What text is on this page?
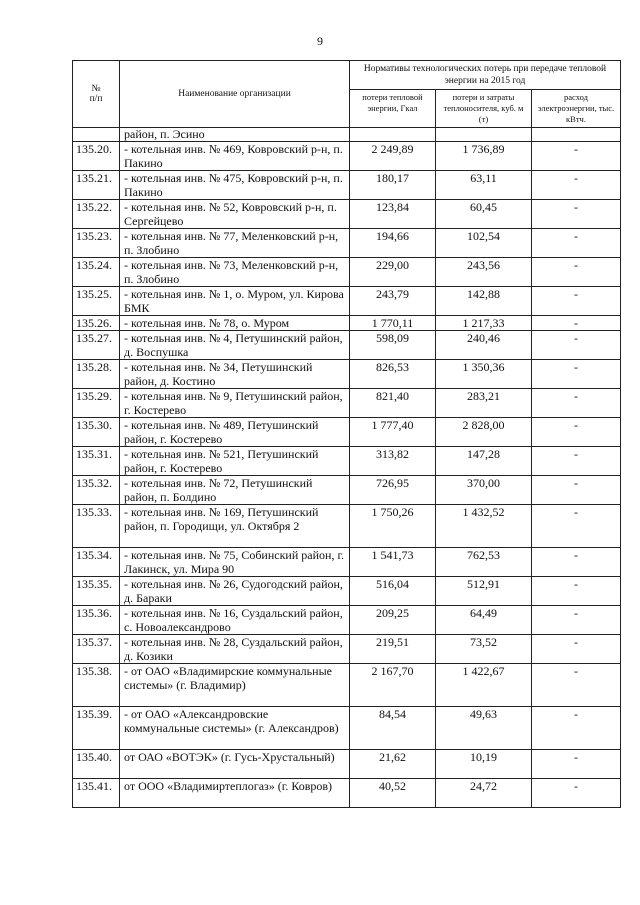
9
№
п/п	Наименование организации	Нормативы технологических потерь при передаче тепловой энергии на 2015 год		
		потери тепловой энергии, Гкал	потери и затраты теплоносителя, куб. м (т)	расход электроэнергии, тыс. кВтч.
	район, п. Эсино			
135.20.	- котельная инв. № 469, Ковровский р-н, п. Пакино	2 249,89	1 736,89	-
135.21.	- котельная инв. № 475, Ковровский р-н, п. Пакино	180,17	63,11	-
135.22.	- котельная инв. № 52, Ковровский р-н, п. Сергейцево	123,84	60,45	-
135.23.	- котельная инв. № 77, Меленковский р-н, п. Злобино	194,66	102,54	-
135.24.	- котельная инв. № 73, Меленковский р-н, п. Злобино	229,00	243,56	-
135.25.	- котельная инв. № 1, о. Муром, ул. Кирова БМК	243,79	142,88	-
135.26.	- котельная инв. № 78, о. Муром	1 770,11	1 217,33	-
135.27.	- котельная инв. № 4, Петушинский район, д. Воспушка	598,09	240,46	-
135.28.	- котельная инв. № 34, Петушинский район, д. Костино	826,53	1 350,36	-
135.29.	- котельная инв. № 9, Петушинский район, г. Костерево	821,40	283,21	-
135.30.	- котельная инв. № 489, Петушинский район, г. Костерево	1 777,40	2 828,00	-
135.31.	- котельная инв. № 521, Петушинский район, г. Костерево	313,82	147,28	-
135.32.	- котельная инв. № 72, Петушинский район, п. Болдино	726,95	370,00	-
135.33.	- котельная инв. № 169, Петушинский район, п. Городищи, ул. Октября 2	1 750,26	1 432,52	-
135.34.	- котельная инв. № 75, Собинский район, г. Лакинск, ул. Мира 90	1 541,73	762,53	-
135.35.	- котельная инв. № 26, Судогодский район, д. Бараки	516,04	512,91	-
135.36.	- котельная инв. № 16, Суздальский район, с. Новоалександрово	209,25	64,49	-
135.37.	- котельная инв. № 28, Суздальский район, д. Козики	219,51	73,52	-
135.38.	- от ОАО «Владимирские коммунальные системы» (г. Владимир)	2 167,70	1 422,67	-
135.39.	- от ОАО «Александровские коммунальные системы» (г. Александров)	84,54	49,63	-
135.40.	от ОАО «ВОТЭК» (г. Гусь-Хрустальный)	21,62	10,19	-
135.41.	от ООО «Владимиртеплогаз» (г. Ковров)	40,52	24,72	-
